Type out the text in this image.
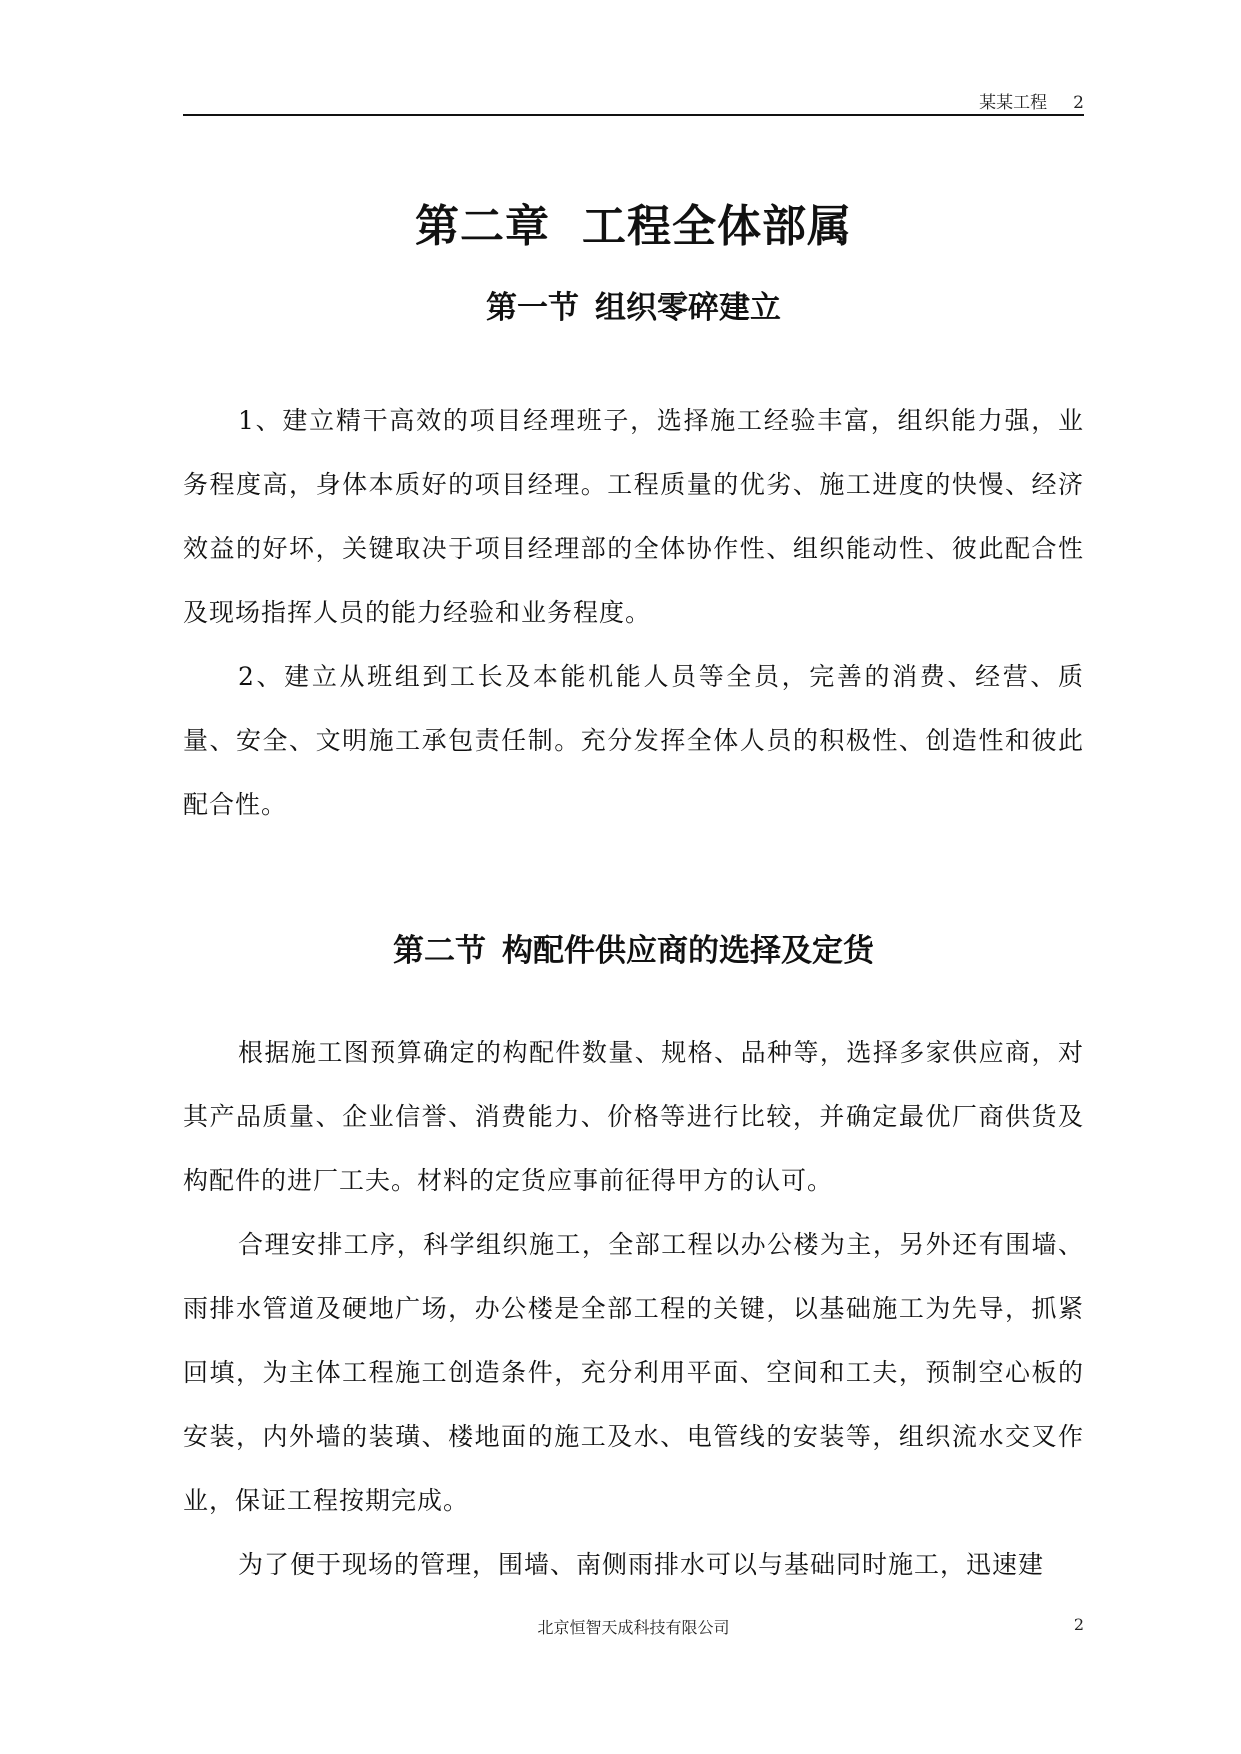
某某工程 2
第二章 工程全体部属
第一节 组织零碎建立

1、建立精干高效的项目经理班子，选择施工经验丰富，组织能力强，业务程度高，身体本质好的项目经理。工程质量的优劣、施工进度的快慢、经济效益的好坏，关键取决于项目经理部的全体协作性、组织能动性、彼此配合性及现场指挥人员的能力经验和业务程度。

2、建立从班组到工长及本能机能人员等全员，完善的消费、经营、质量、安全、文明施工承包责任制。充分发挥全体人员的积极性、创造性和彼此配合性。

第二节 构配件供应商的选择及定货

根据施工图预算确定的构配件数量、规格、品种等，选择多家供应商，对其产品质量、企业信誉、消费能力、价格等进行比较，并确定最优厂商供货及构配件的进厂工夫。材料的定货应事前征得甲方的认可。

合理安排工序，科学组织施工，全部工程以办公楼为主，另外还有围墙、雨排水管道及硬地广场，办公楼是全部工程的关键，以基础施工为先导，抓紧回填，为主体工程施工创造条件，充分利用平面、空间和工夫，预制空心板的安装，内外墙的装璜、楼地面的施工及水、电管线的安装等，组织流水交叉作业，保证工程按期完成。

为了便于现场的管理，围墙、南侧雨排水可以与基础同时施工，迅速建

北京恒智天成科技有限公司	2
